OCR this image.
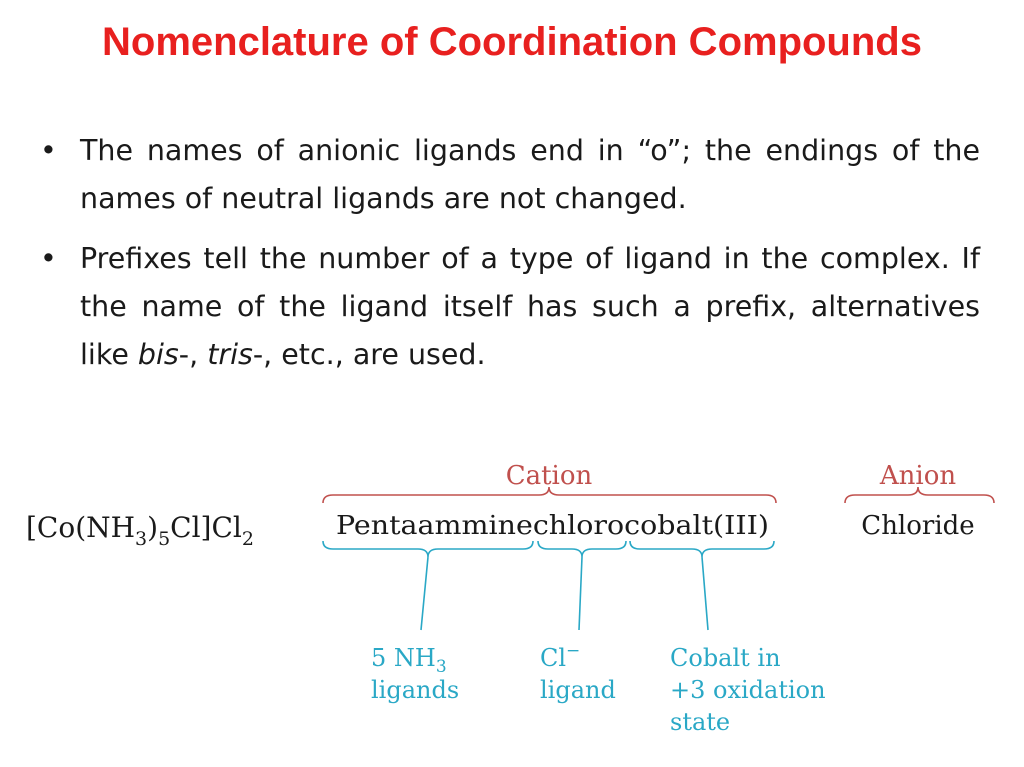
Nomenclature of Coordination Compounds
• The names of anionic ligands end in “o”; the endings of the names of neutral ligands are not changed.
• Prefixes tell the number of a type of ligand in the complex. If the name of the ligand itself has such a prefix, alternatives like bis-, tris-, etc., are used.
$[Co(NH_3)_5Cl]Cl_2$
Cation	Anion
Pentaamminechlorocobalt(III)	Chloride
5 $NH_3$
ligands
Cl−
ligand
Cobalt in
+3 oxidation
state
